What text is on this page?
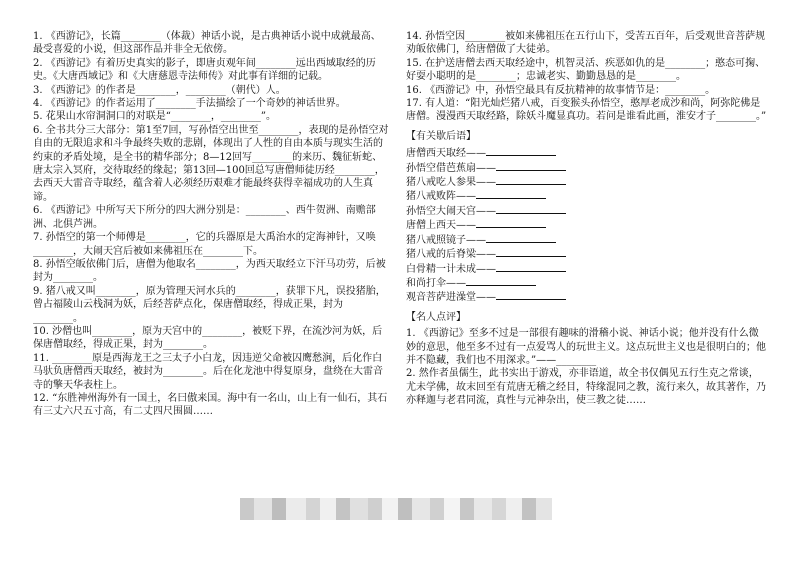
1. 《西游记》，长篇________（体裁）神话小说，是古典神话小说中成就最高、最受喜爱的小说，但这部作品并非全无依傍。

2. 《西游记》有着历史真实的影子，即唐贞观年间________远出西域取经的历史。《大唐西域记》和《大唐慈恩寺法师传》对此事有详细的记载。

3. 《西游记》的作者是________，________（朝代）人。

4. 《西游记》的作者运用了________手法描绘了一个奇妙的神话世界。

5. 花果山水帘洞洞口的对联是“________，________”。

6. 全书共分三大部分：第1至7回，写孙悟空出世至________，表现的是孙悟空对自由的无限追求和斗争最终失败的悲剧，体现出了人性的自由本质与现实生活的约束的矛盾处境，是全书的精华部分；8—12回写________的来历、魏征斩蛇、唐太宗入冥府，交待取经的缘起；第13回—100回总写唐僧师徒历经________，去西天大雷音寺取经，蕴含着人必须经历艰难才能最终获得幸福成功的人生真谛。

6. 《西游记》中所写天下所分的四大洲分别是：________、西牛贺洲、南赡部洲、北俱芦洲。

7. 孙悟空的第一个师傅是________，它的兵器原是大禹治水的定海神针，又唤________，大闹天宫后被如来佛祖压在________下。

8. 孙悟空皈依佛门后，唐僧为他取名________，为西天取经立下汗马功劳，后被封为________。

9. 猪八戒又叫________，原为管理天河水兵的________，获罪下凡，误投猪胎，曾占福陵山云栈洞为妖，后经菩萨点化，保唐僧取经，得成正果，封为________。

10. 沙僧也叫________，原为天宫中的________，被贬下界，在流沙河为妖，后保唐僧取经，得成正果，封为________。

11. ________原是西海龙王之三太子小白龙，因违逆父命被囚鹰愁涧，后化作白马驮负唐僧西天取经，被封为________。后在化龙池中得复原身，盘绕在大雷音寺的擎天华表柱上。

12. “东胜神州海外有一国土，名曰傲来国。海中有一名山，山上有一仙石，其石有三丈六尺五寸高，有二丈四尺围圆……

14. 孙悟空因________被如来佛祖压在五行山下，受苦五百年，后受观世音菩萨规劝皈依佛门，给唐僧做了大徒弟。

15. 在护送唐僧去西天取经途中，机智灵活、疾恶如仇的是________；憨态可掬、好耍小聪明的是________；忠诚老实、勤勤恳恳的是________。

16. 《西游记》中，孙悟空最具有反抗精神的故事情节是：________。

17. 有人道：“阳光灿烂猪八戒，百变猴头孙悟空，憨厚老成沙和尚，阿弥陀佛是唐僧。漫漫西天取经路，除妖斗魔显真功。若问是谁看此画，淮安才子________。”

【有关歇后语】

唐僧西天取经——

孙悟空借芭蕉扇——

猪八戒吃人参果——

猪八戒败阵——

孙悟空大闹天宫——

唐僧上西天——

猪八戒照镜子——

猪八戒的后脊梁——

白骨精一计未成——

和尚打伞——

观音菩萨进澡堂——

【名人点评】

1. 《西游记》至多不过是一部很有趣味的滑稽小说、神话小说；他并没有什么微妙的意思，他至多不过有一点爱骂人的玩世主义。这点玩世主义也是很明白的；他并不隐藏，我们也不用深求。”——________

2. 然作者虽儒生，此书实出于游戏，亦非语道，故全书仅偶见五行生克之常谈，尤未学佛，故末回至有荒唐无稽之经目，特缘混同之教，流行来久，故其著作，乃亦释迦与老君同流，真性与元神杂出，使三教之徒……
